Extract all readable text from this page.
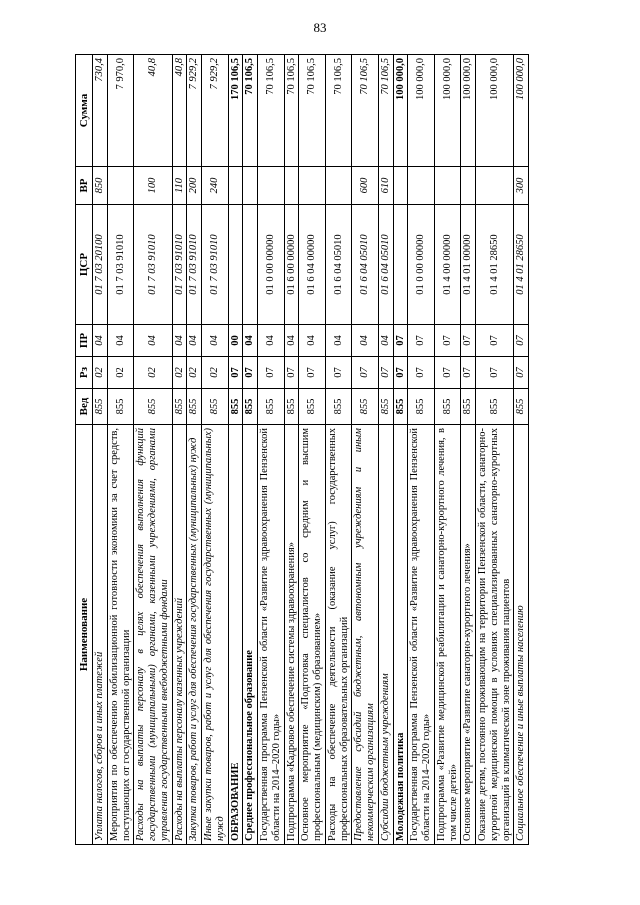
83
Наименование	Вед	Рз	ПР	ЦСР	ВР	Сумма
Уплата налогов, сборов и иных платежей	855	02	04	01 7 03 20100	850	730,4
Мероприятия по обеспечению мобилизационной готовности экономики за счет средств, поступающих от государственной организации	855	02	04	01 7 03 91010		7 970,0
Расходы на выплаты персоналу в целях обеспечения выполнения функций государственными (муниципальными) органами, казенными учреждениями, органами управления государственными внебюджетными фондами	855	02	04	01 7 03 91010	100	40,8
Расходы на выплаты персоналу казенных учреждений	855	02	04	01 7 03 91010	110	40,8
Закупка товаров, работ и услуг для обеспечения государственных (муниципальных) нужд	855	02	04	01 7 03 91010	200	7 929,2
Иные закупки товаров, работ и услуг для обеспечения государственных (муниципальных) нужд	855	02	04	01 7 03 91010	240	7 929,2
ОБРАЗОВАНИЕ	855	07	00			170 106,5
Среднее профессиональное образование	855	07	04			70 106,5
Государственная программа Пензенской области «Развитие здравоохранения Пензенской области на 2014–2020 годы»	855	07	04	01 0 00 00000		70 106,5
Подпрограмма «Кадровое обеспечение системы здравоохранения»	855	07	04	01 6 00 00000		70 106,5
Основное мероприятие «Подготовка специалистов со средним и высшим профессиональным (медицинским) образованием»	855	07	04	01 6 04 00000		70 106,5
Расходы на обеспечение деятельности (оказание услуг) государственных профессиональных образовательных организаций	855	07	04	01 6 04 05010		70 106,5
Предоставление субсидий бюджетным, автономным учреждениям и иным некоммерческим организациям	855	07	04	01 6 04 05010	600	70 106,5
Субсидии бюджетным учреждениям	855	07	04	01 6 04 05010	610	70 106,5
Молодежная политика	855	07	07			100 000,0
Государственная программа Пензенской области «Развитие здравоохранения Пензенской области на 2014–2020 годы»	855	07	07	01 0 00 00000		100 000,0
Подпрограмма «Развитие медицинской реабилитации и санаторно-курортного лечения, в том числе детей»	855	07	07	01 4 00 00000		100 000,0
Основное мероприятие «Развитие санаторно-курортного лечения»	855	07	07	01 4 01 00000		100 000,0
Оказание детям, постоянно проживающим на территории Пензенской области, санаторно-курортной медицинской помощи в условиях специализированных санаторно-курортных организаций в климатической зоне проживания пациентов	855	07	07	01 4 01 28650		100 000,0
Социальное обеспечение и иные выплаты населению	855	07	07	01 4 01 28650	300	100 000,0
